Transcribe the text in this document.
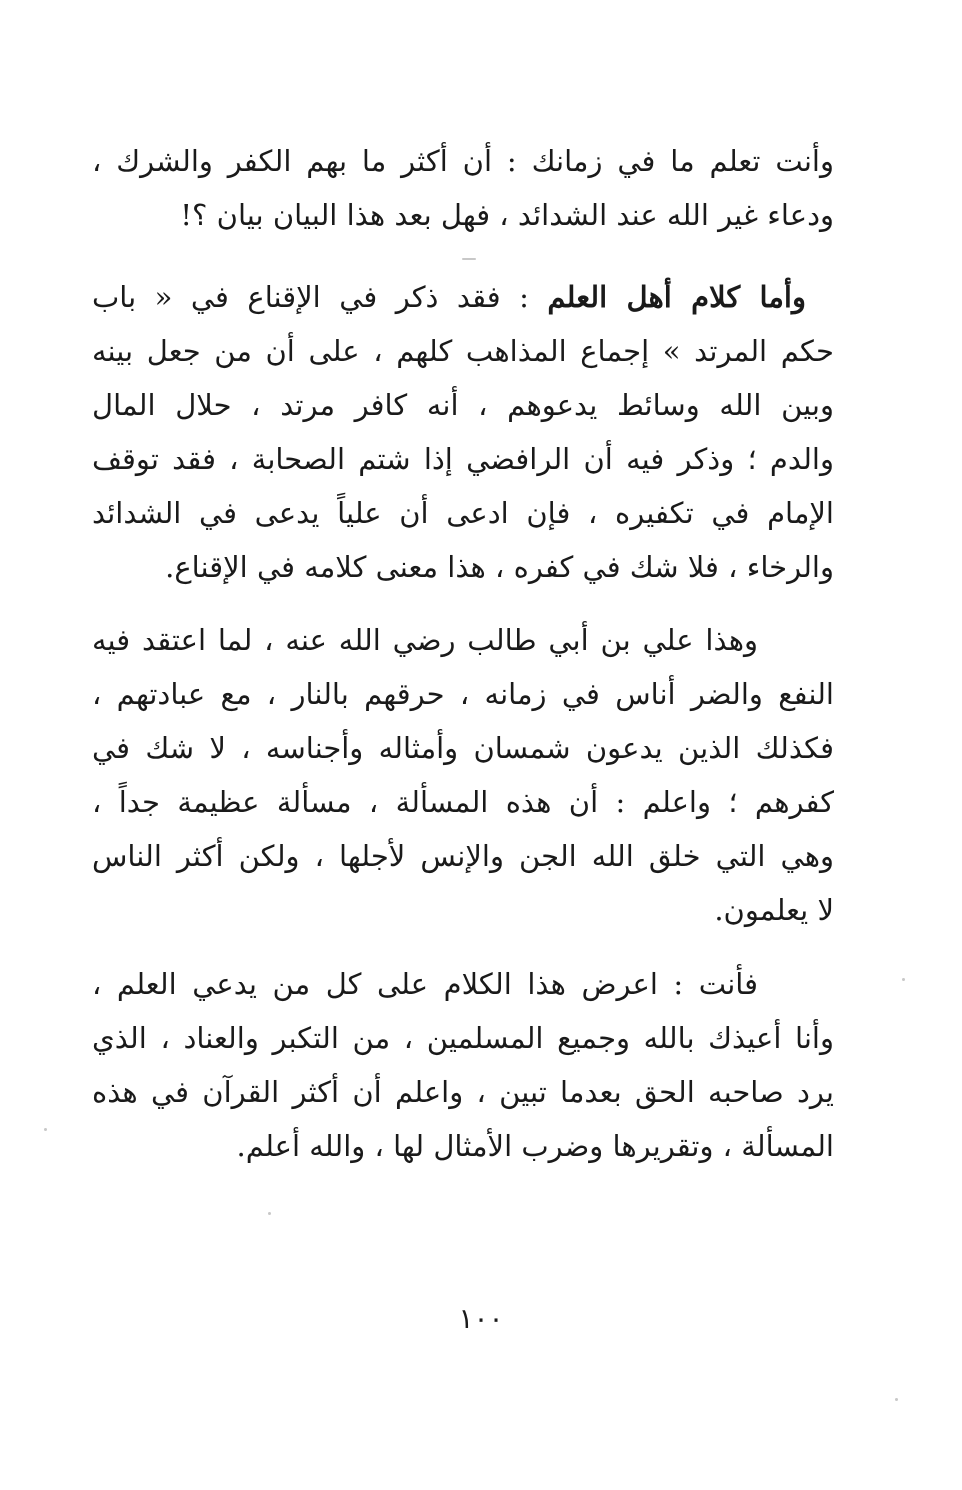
وأنت تعلم ما في زمانك : أن أكثر ما بهم الكفر والشرك ،
ودعاء غير الله عند الشدائد ، فهل بعد هذا البيان بيان ؟!
وأما كلام أهل العلم : فقد ذكر في الإقناع في « باب
حكم المرتد » إجماع المذاهب كلهم ، على أن من جعل بينه
وبين الله وسائط يدعوهم ، أنه كافر مرتد ، حلال المال
والدم ؛ وذكر فيه أن الرافضي إذا شتم الصحابة ، فقد توقف
الإمام في تكفيره ، فإن ادعى أن علياً يدعى في الشدائد
والرخاء ، فلا شك في كفره ، هذا معنى كلامه في الإقناع.
وهذا علي بن أبي طالب رضي الله عنه ، لما اعتقد فيه
النفع والضر أناس في زمانه ، حرقهم بالنار ، مع عبادتهم ،
فكذلك الذين يدعون شمسان وأمثاله وأجناسه ، لا شك في
كفرهم ؛ واعلم : أن هذه المسألة ، مسألة عظيمة جداً ،
وهي التي خلق الله الجن والإنس لأجلها ، ولكن أكثر الناس
لا يعلمون.
فأنت : اعرض هذا الكلام على كل من يدعي العلم ،
وأنا أعيذك بالله وجميع المسلمين ، من التكبر والعناد ، الذي
يرد صاحبه الحق بعدما تبين ، واعلم أن أكثر القرآن في هذه
المسألة ، وتقريرها وضرب الأمثال لها ، والله أعلم.
١٠٠
